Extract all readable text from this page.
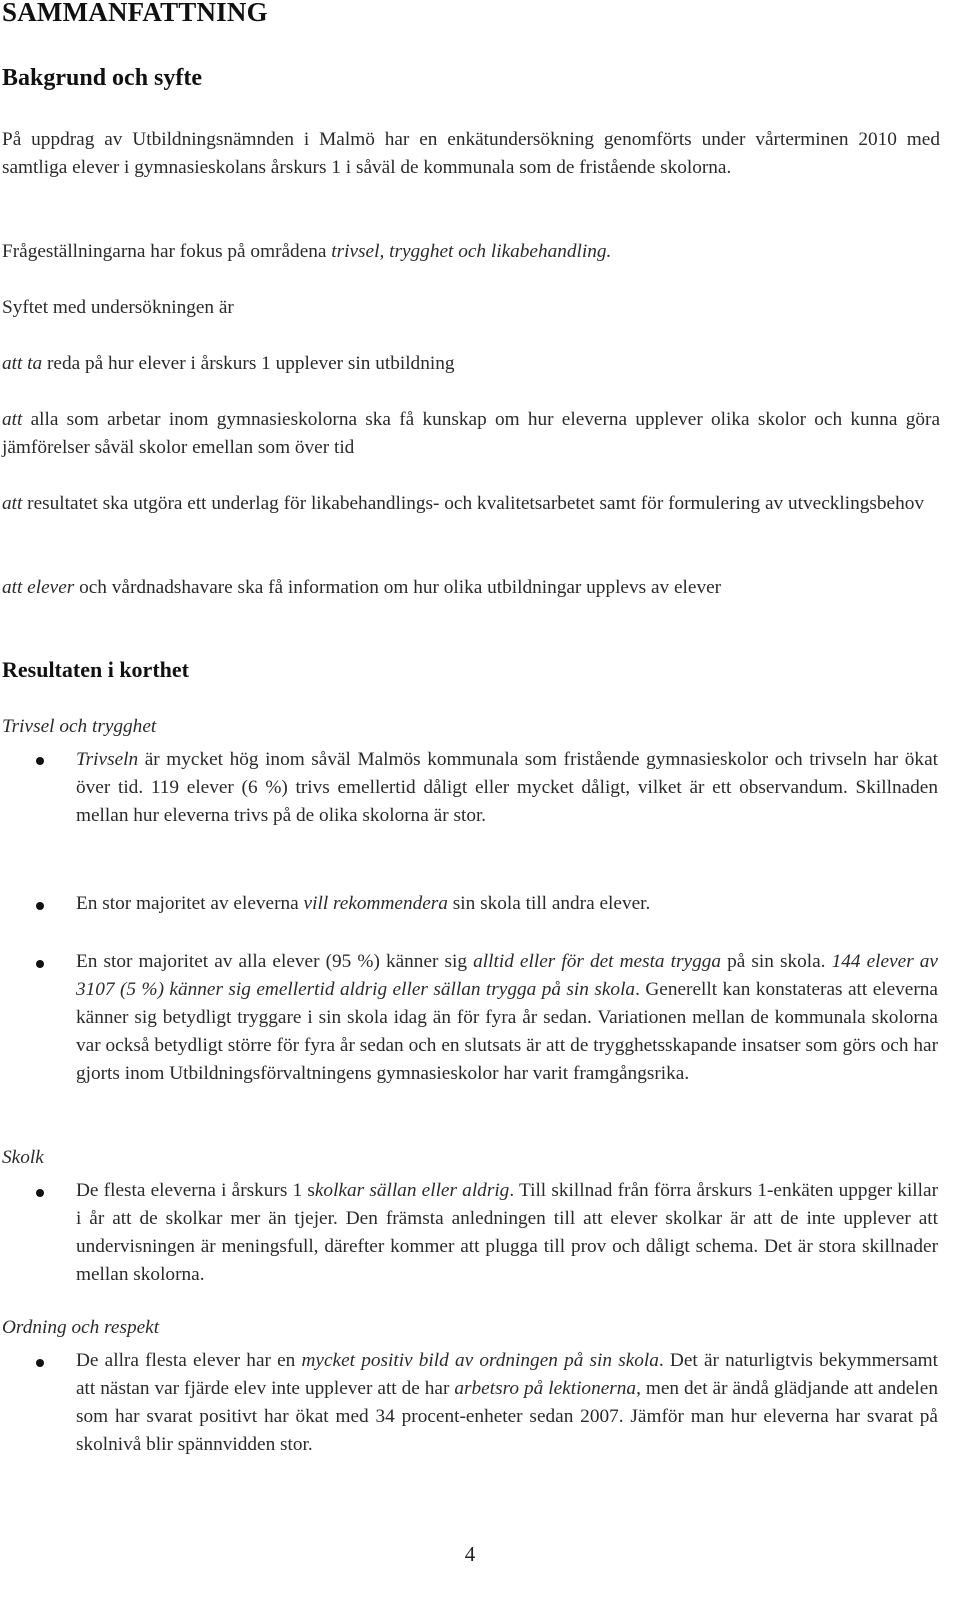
SAMMANFATTNING
Bakgrund och syfte

På uppdrag av Utbildningsnämnden i Malmö har en enkätundersökning genomförts under vårterminen 2010 med samtliga elever i gymnasieskolans årskurs 1 i såväl de kommunala som de fristående skolorna.

Frågeställningarna har fokus på områdena trivsel, trygghet och likabehandling.

Syftet med undersökningen är

att ta reda på hur elever i årskurs 1 upplever sin utbildning

att alla som arbetar inom gymnasieskolorna ska få kunskap om hur eleverna upplever olika skolor och kunna göra jämförelser såväl skolor emellan som över tid

att resultatet ska utgöra ett underlag för likabehandlings- och kvalitetsarbetet samt för formulering av utvecklingsbehov

att elever och vårdnadshavare ska få information om hur olika utbildningar upplevs av elever

Resultaten i korthet
Trivsel och trygghet

Trivseln är mycket hög inom såväl Malmös kommunala som fristående gymnasieskolor och trivseln har ökat över tid. 119 elever (6 %) trivs emellertid dåligt eller mycket dåligt, vilket är ett observandum. Skillnaden mellan hur eleverna trivs på de olika skolorna är stor.

En stor majoritet av eleverna vill rekommendera sin skola till andra elever.

En stor majoritet av alla elever (95 %) känner sig alltid eller för det mesta trygga på sin skola. 144 elever av 3107 (5 %) känner sig emellertid aldrig eller sällan trygga på sin skola. Generellt kan konstateras att eleverna känner sig betydligt tryggare i sin skola idag än för fyra år sedan. Variationen mellan de kommunala skolorna var också betydligt större för fyra år sedan och en slutsats är att de trygghetsskapande insatser som görs och har gjorts inom Utbildningsförvaltningens gymnasieskolor har varit framgångsrika.

Skolk

De flesta eleverna i årskurs 1 skolkar sällan eller aldrig. Till skillnad från förra årskurs 1-enkäten uppger killar i år att de skolkar mer än tjejer. Den främsta anledningen till att elever skolkar är att de inte upplever att undervisningen är meningsfull, därefter kommer att plugga till prov och dåligt schema. Det är stora skillnader mellan skolorna.

Ordning och respekt

De allra flesta elever har en mycket positiv bild av ordningen på sin skola. Det är naturligtvis bekymmersamt att nästan var fjärde elev inte upplever att de har arbetsro på lektionerna, men det är ändå glädjande att andelen som har svarat positivt har ökat med 34 procent-enheter sedan 2007. Jämför man hur eleverna har svarat på skolnivå blir spännvidden stor.

4
